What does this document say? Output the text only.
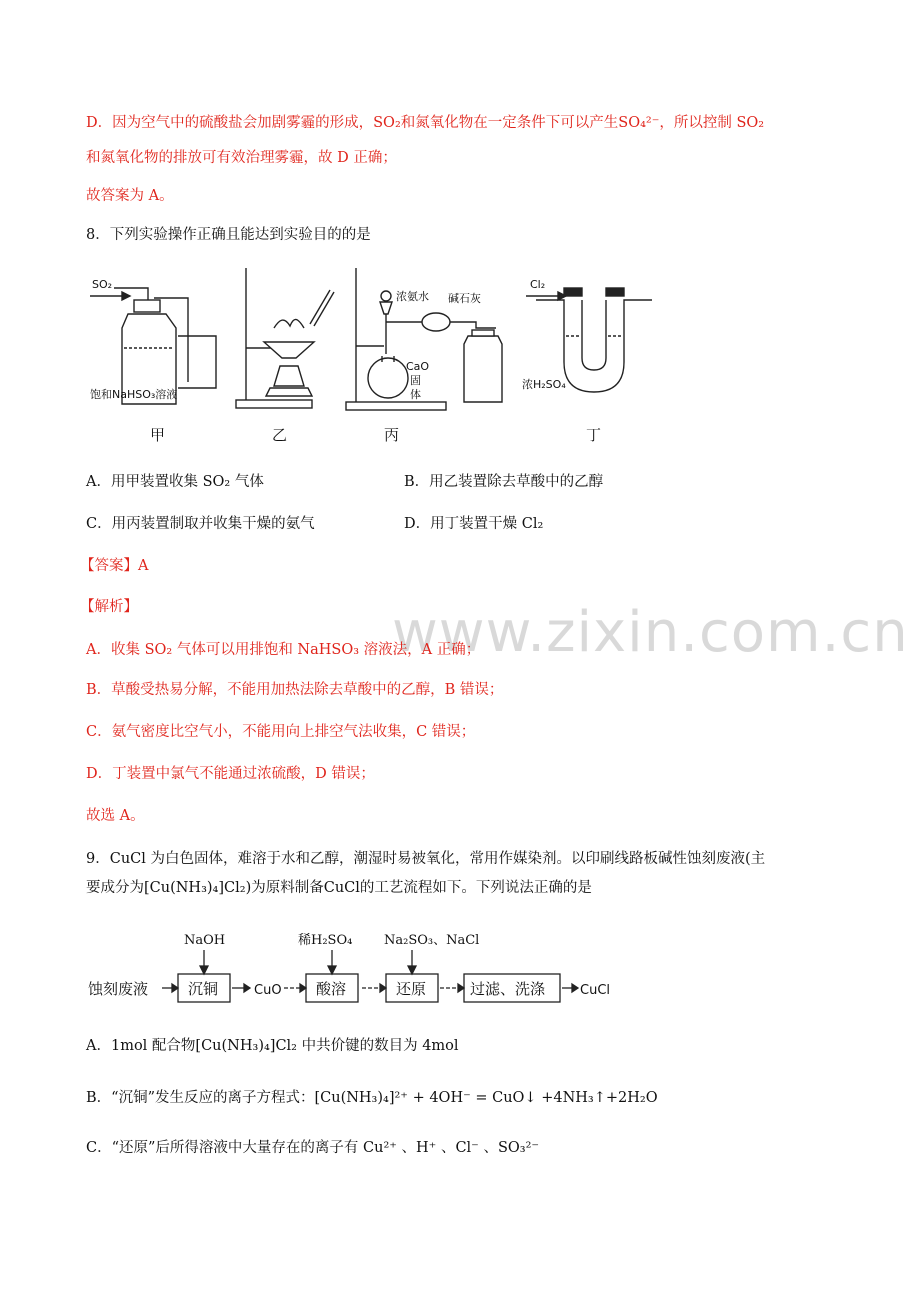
www.zixin.com.cn
D．因为空气中的硫酸盐会加剧雾霾的形成，SO₂和氮氧化物在一定条件下可以产生SO₄²⁻，所以控制 SO₂
和氮氧化物的排放可有效治理雾霾，故 D 正确；
故答案为 A。
8．下列实验操作正确且能达到实验目的的是
SO₂
饱和NaHSO₃溶液
浓氨水 碱石灰
CaO
固
体
Cl₂
浓H₂SO₄
甲	乙	丙	丁
A．用甲装置收集 SO₂ 气体	B．用乙装置除去草酸中的乙醇
C．用丙装置制取并收集干燥的氨气	D．用丁装置干燥 Cl₂
【答案】A
【解析】
A．收集 SO₂ 气体可以用排饱和 NaHSO₃ 溶液法，A 正确；
B．草酸受热易分解，不能用加热法除去草酸中的乙醇，B 错误；
C．氨气密度比空气小，不能用向上排空气法收集，C 错误；
D．丁装置中氯气不能通过浓硫酸，D 错误；
故选 A。
9．CuCl 为白色固体，难溶于水和乙醇，潮湿时易被氧化，常用作媒染剂。以印刷线路板碱性蚀刻废液(主
要成分为[Cu(NH₃)₄]Cl₂)为原料制备CuCl的工艺流程如下。下列说法正确的是
蚀刻废液	沉铜	CuO 酸溶	还原	过滤、洗涤	CuCl
NaOH	稀H₂SO₄ Na₂SO₃、NaCl
A．1mol 配合物[Cu(NH₃)₄]Cl₂ 中共价键的数目为 4mol
B．“沉铜”发生反应的离子方程式：[Cu(NH₃)₄]²⁺ + 4OH⁻ = CuO↓ +4NH₃↑+2H₂O
C．“还原”后所得溶液中大量存在的离子有 Cu²⁺ 、H⁺ 、Cl⁻ 、SO₃²⁻
